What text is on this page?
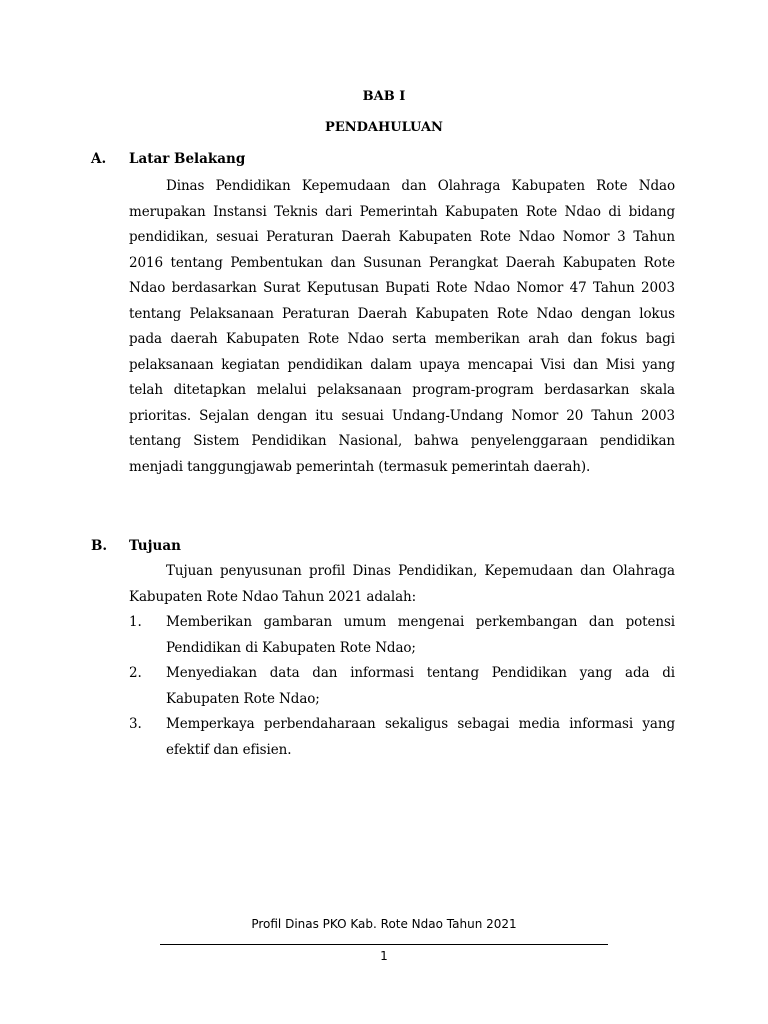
BAB I
PENDAHULUAN
A. Latar Belakang

Dinas Pendidikan Kepemudaan dan Olahraga Kabupaten Rote Ndao merupakan Instansi Teknis dari Pemerintah Kabupaten Rote Ndao di bidang pendidikan, sesuai Peraturan Daerah Kabupaten Rote Ndao Nomor 3 Tahun 2016 tentang Pembentukan dan Susunan Perangkat Daerah Kabupaten Rote Ndao berdasarkan Surat Keputusan Bupati Rote Ndao Nomor 47 Tahun 2003 tentang Pelaksanaan Peraturan Daerah Kabupaten Rote Ndao dengan lokus pada daerah Kabupaten Rote Ndao serta memberikan arah dan fokus bagi pelaksanaan kegiatan pendidikan dalam upaya mencapai Visi dan Misi yang telah ditetapkan melalui pelaksanaan program-program berdasarkan skala prioritas. Sejalan dengan itu sesuai Undang-Undang Nomor 20 Tahun 2003 tentang Sistem Pendidikan Nasional, bahwa penyelenggaraan pendidikan menjadi tanggungjawab pemerintah (termasuk pemerintah daerah).

B. Tujuan

Tujuan penyusunan profil Dinas Pendidikan, Kepemudaan dan Olahraga Kabupaten Rote Ndao Tahun 2021 adalah:

1. Memberikan gambaran umum mengenai perkembangan dan potensi Pendidikan di Kabupaten Rote Ndao;
2. Menyediakan data dan informasi tentang Pendidikan yang ada di Kabupaten Rote Ndao;
3. Memperkaya perbendaharaan sekaligus sebagai media informasi yang efektif dan efisien.
Profil Dinas PKO Kab. Rote Ndao Tahun 2021
1
